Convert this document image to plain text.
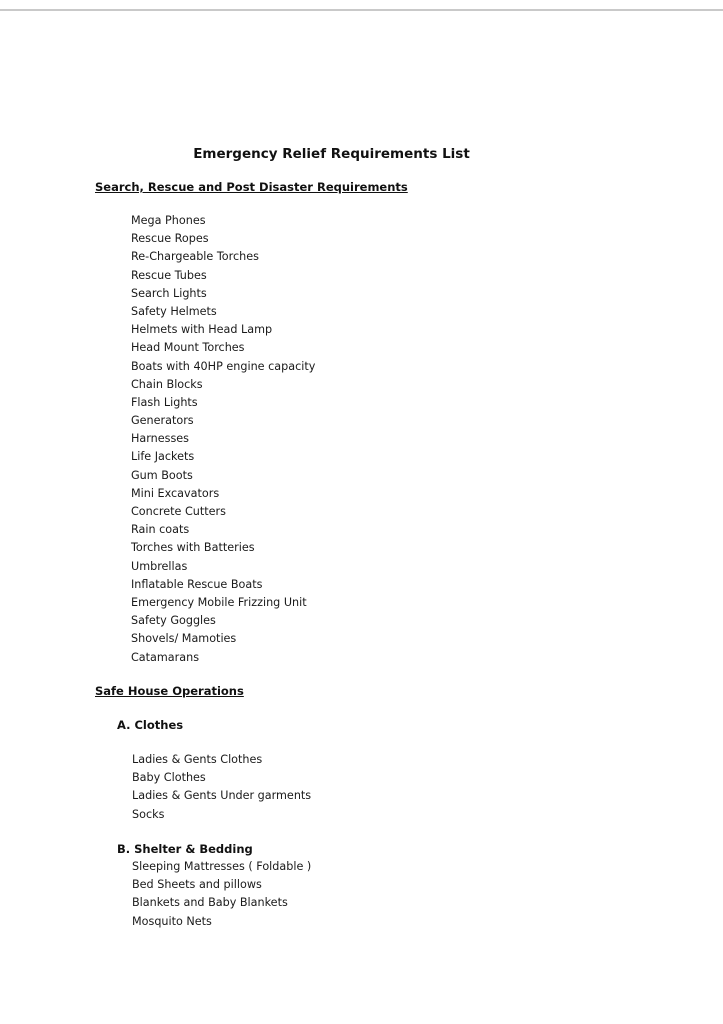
Emergency Relief Requirements List
Search, Rescue and Post Disaster Requirements
Mega Phones
Rescue Ropes
Re-Chargeable Torches
Rescue Tubes
Search Lights
Safety Helmets
Helmets with Head Lamp
Head Mount Torches
Boats with 40HP engine capacity
Chain Blocks
Flash Lights
Generators
Harnesses
Life Jackets
Gum Boots
Mini Excavators
Concrete Cutters
Rain coats
Torches with Batteries
Umbrellas
Inflatable Rescue Boats
Emergency Mobile Frizzing Unit
Safety Goggles
Shovels/ Mamoties
Catamarans
Safe House Operations
A. Clothes
Ladies & Gents Clothes
Baby Clothes
Ladies & Gents Under garments
Socks
B. Shelter & Bedding
Sleeping Mattresses ( Foldable )
Bed Sheets and pillows
Blankets and Baby Blankets
Mosquito Nets
